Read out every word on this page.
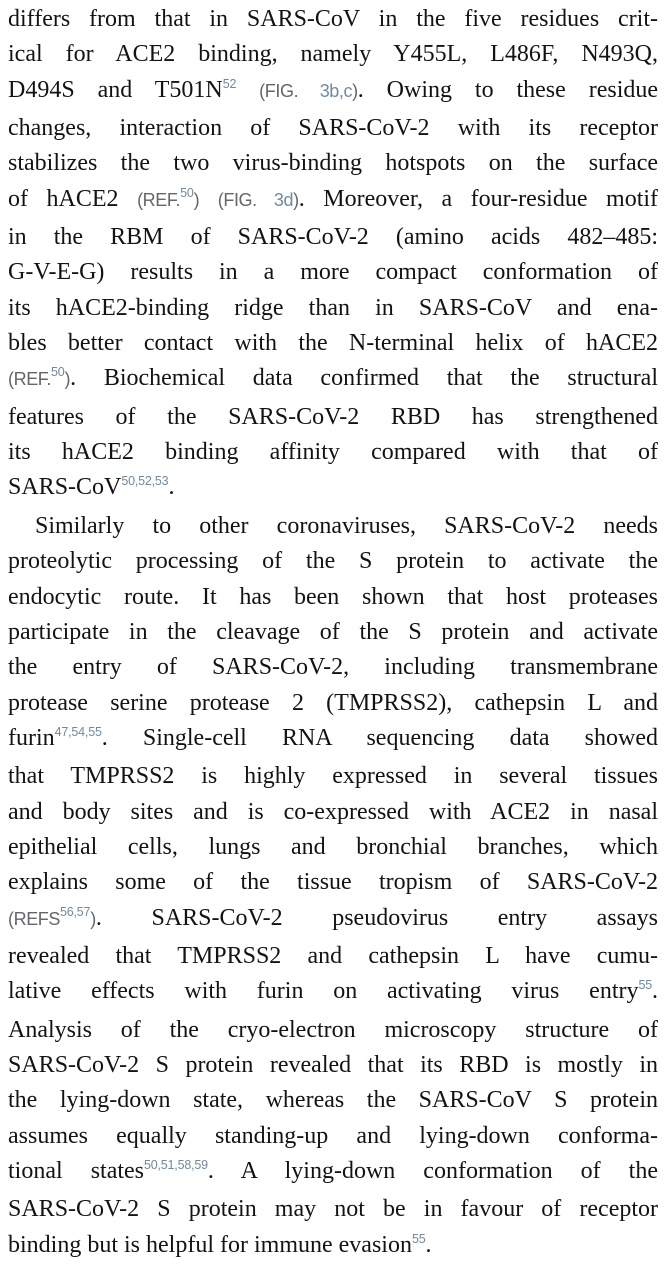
differs from that in SARS-CoV in the five residues crit-
ical for ACE2 binding, namely Y455L, L486F, N493Q,
D494S and $T501N^{52}$ (FIG. 3b,c). Owing to these residue
changes, interaction of SARS-CoV-2 with its receptor
stabilizes the two virus-binding hotspots on the surface
of hACE2 (REF.$^{50}$) (FIG. 3d). Moreover, a four-residue motif
in the RBM of SARS-CoV-2 (amino acids 482–485:
G-V-E-G) results in a more compact conformation of
its hACE2-binding ridge than in SARS-CoV and ena-
bles better contact with the N-terminal helix of hACE2
(REF.$^{50}$). Biochemical data confirmed that the structural
features of the SARS-CoV-2 RBD has strengthened
its hACE2 binding affinity compared with that of
SARS-CoV$^{50,52,53}$.
Similarly to other coronaviruses, SARS-CoV-2 needs
proteolytic processing of the S protein to activate the
endocytic route. It has been shown that host proteases
participate in the cleavage of the S protein and activate
the entry of SARS-CoV-2, including transmembrane
protease serine protease 2 (TMPRSS2), cathepsin L and
furin$^{47,54,55}$. Single-cell RNA sequencing data showed
that TMPRSS2 is highly expressed in several tissues
and body sites and is co-expressed with ACE2 in nasal
epithelial cells, lungs and bronchial branches, which
explains some of the tissue tropism of SARS-CoV-2
(REFS$^{56,57}$). SARS-CoV-2 pseudovirus entry assays
revealed that TMPRSS2 and cathepsin L have cumu-
lative effects with furin on activating virus entry$^{55}$.
Analysis of the cryo-electron microscopy structure of
SARS-CoV-2 S protein revealed that its RBD is mostly in
the lying-down state, whereas the SARS-CoV S protein
assumes equally standing-up and lying-down conforma-
tional states$^{50,51,58,59}$. A lying-down conformation of the
SARS-CoV-2 S protein may not be in favour of receptor
binding but is helpful for immune evasion$^{55}$.
